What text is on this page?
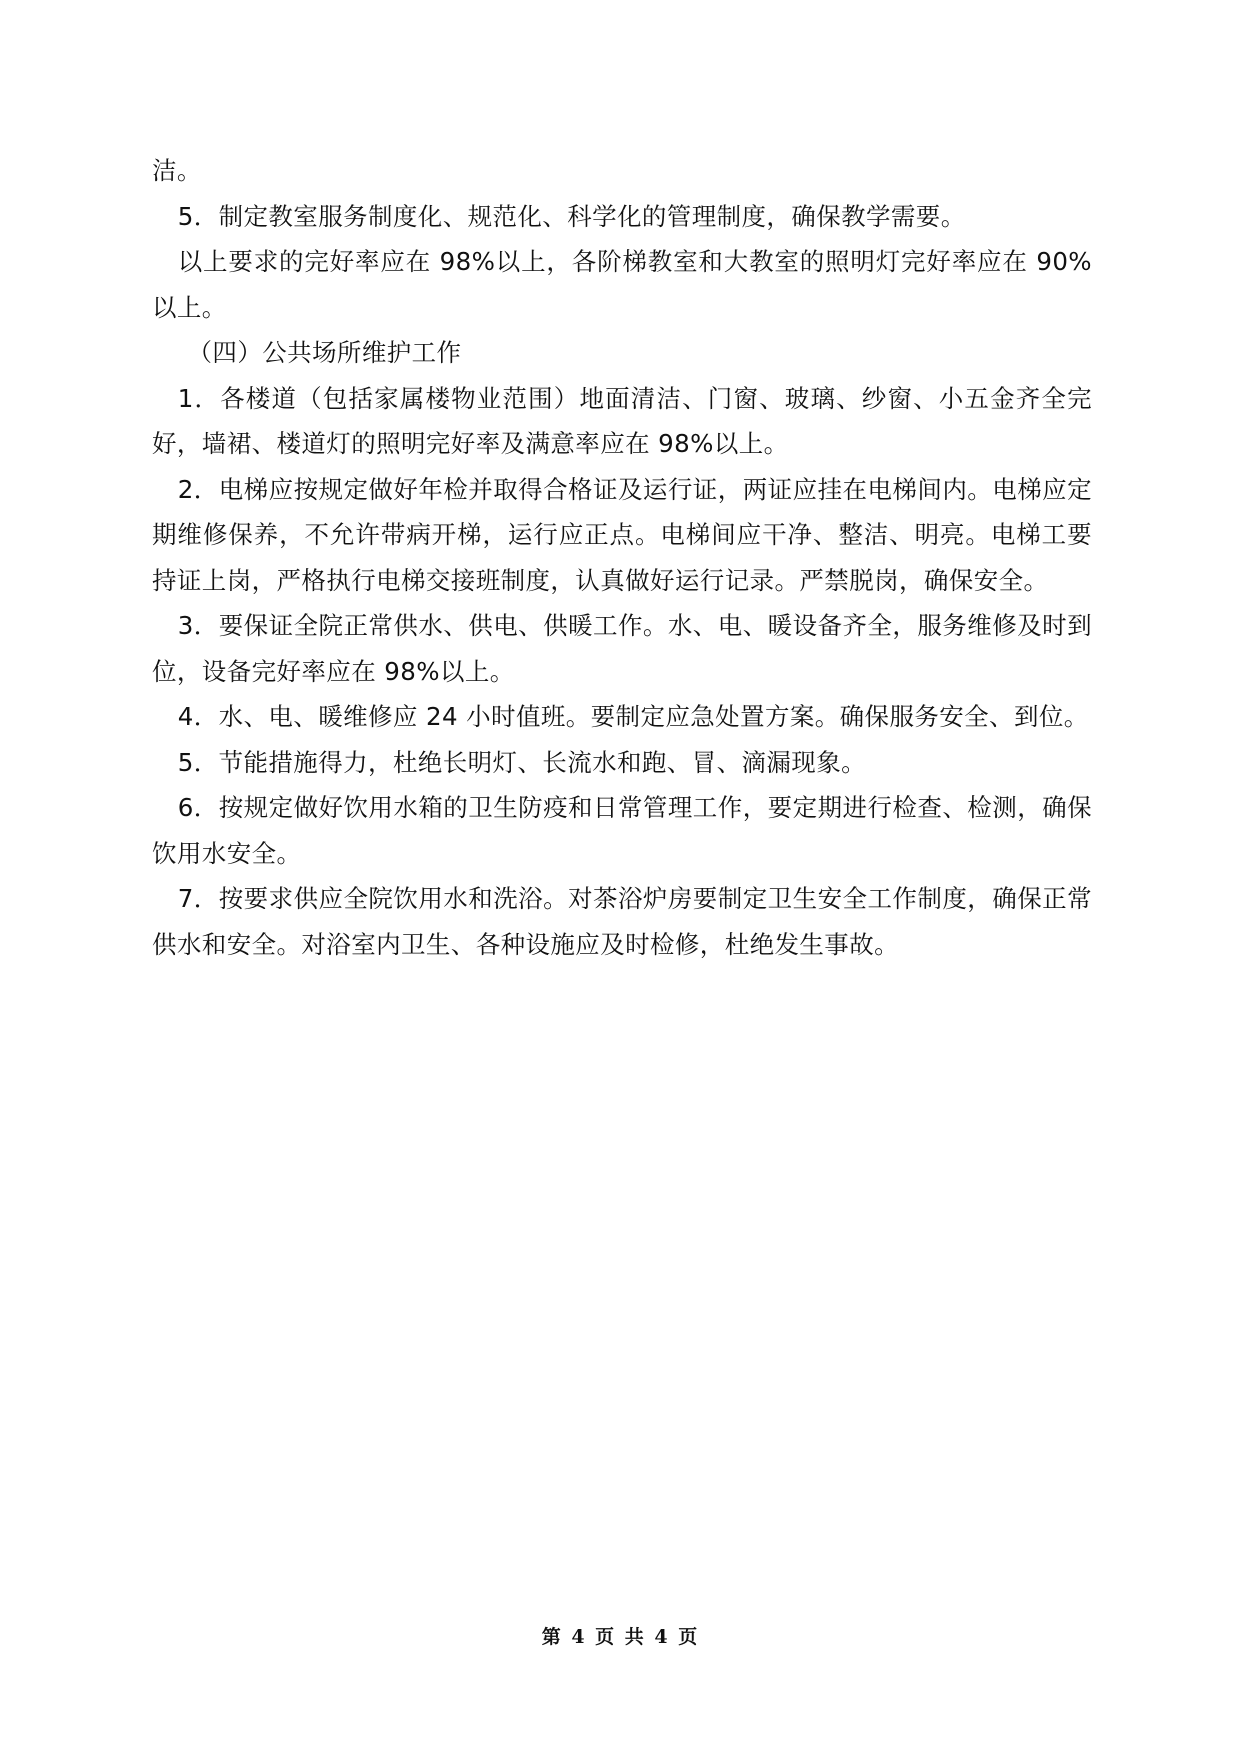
洁。

5．制定教室服务制度化、规范化、科学化的管理制度，确保教学需要。

以上要求的完好率应在 98%以上，各阶梯教室和大教室的照明灯完好率应在 90%以上。

（四）公共场所维护工作

1．各楼道（包括家属楼物业范围）地面清洁、门窗、玻璃、纱窗、小五金齐全完好，墙裙、楼道灯的照明完好率及满意率应在 98%以上。

2．电梯应按规定做好年检并取得合格证及运行证，两证应挂在电梯间内。电梯应定期维修保养，不允许带病开梯，运行应正点。电梯间应干净、整洁、明亮。电梯工要持证上岗，严格执行电梯交接班制度，认真做好运行记录。严禁脱岗，确保安全。

3．要保证全院正常供水、供电、供暖工作。水、电、暖设备齐全，服务维修及时到位，设备完好率应在 98%以上。

4．水、电、暖维修应 24 小时值班。要制定应急处置方案。确保服务安全、到位。

5．节能措施得力，杜绝长明灯、长流水和跑、冒、滴漏现象。

6．按规定做好饮用水箱的卫生防疫和日常管理工作，要定期进行检查、检测，确保饮用水安全。

7．按要求供应全院饮用水和洗浴。对茶浴炉房要制定卫生安全工作制度，确保正常供水和安全。对浴室内卫生、各种设施应及时检修，杜绝发生事故。

第 4 页 共 4 页
